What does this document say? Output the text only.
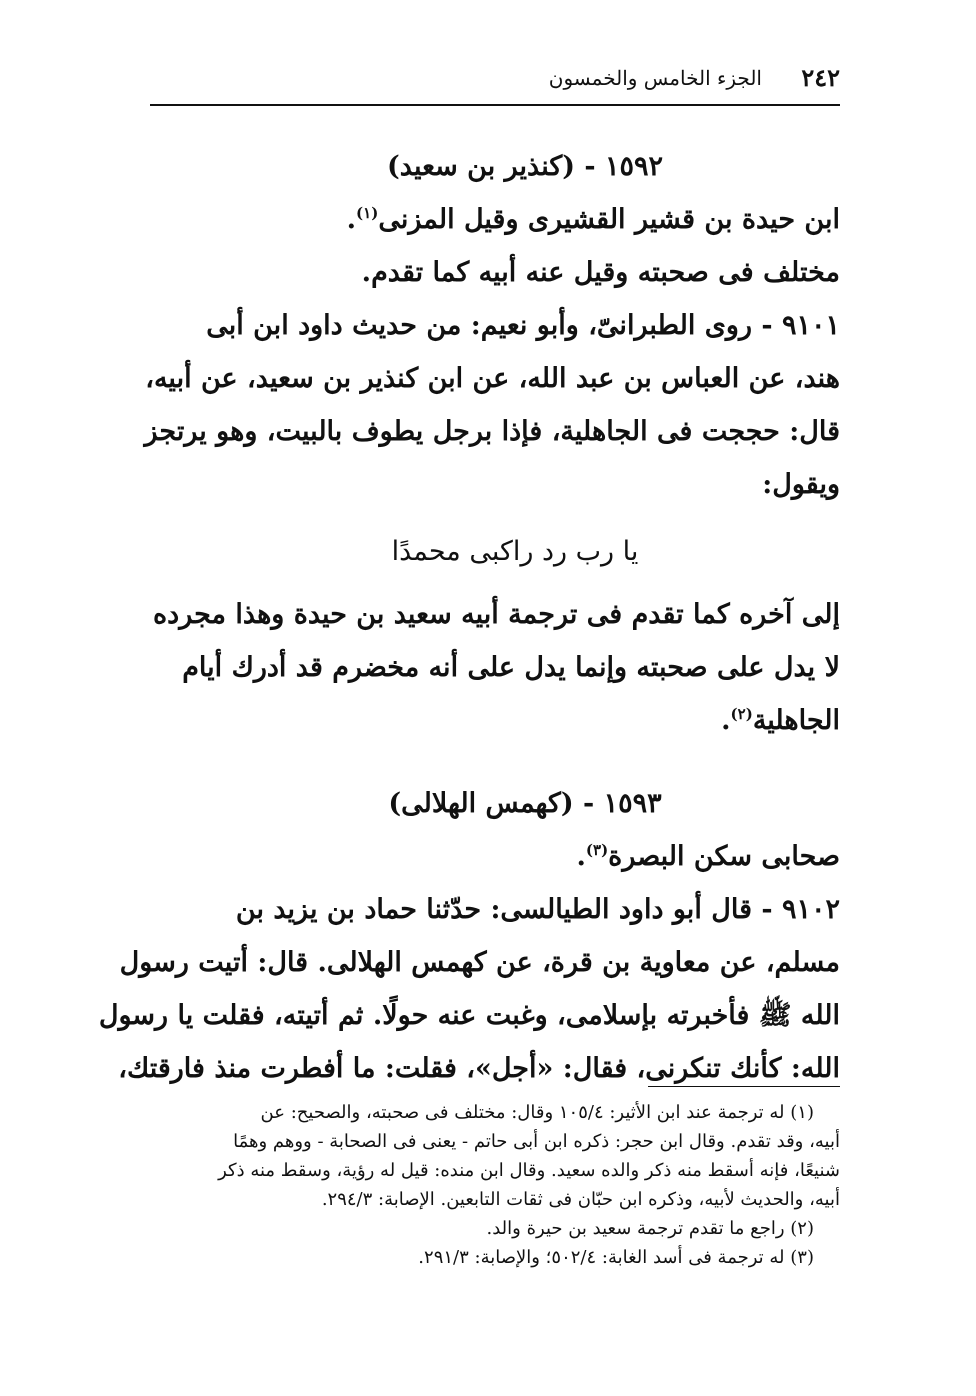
٢٤٢
الجزء الخامس والخمسون
١٥٩٢ - (كنذير بن سعيد)
ابن حيدة بن قشير القشيرى وقيل المزنى$^{(١)}$.
مختلف فى صحبته وقيل عنه أبيه كما تقدم.
٩١٠١ - روى الطبرانىّ، وأبو نعيم: من حديث داود ابن أبى
هند، عن العباس بن عبد الله، عن ابن كنذير بن سعيد، عن أبيه،
قال: حججت فى الجاهلية، فإذا برجل يطوف بالبيت، وهو يرتجز
ويقول:
يا رب رد راكبى محمدًا
إلى آخره كما تقدم فى ترجمة أبيه سعيد بن حيدة وهذا مجرده
لا يدل على صحبته وإنما يدل على أنه مخضرم قد أدرك أيام
الجاهلية$^{(٢)}$.
١٥٩٣ - (كهمس الهلالى)
صحابى سكن البصرة$^{(٣)}$.
٩١٠٢ - قال أبو داود الطيالسى: حدّثنا حماد بن يزيد بن
مسلم، عن معاوية بن قرة، عن كهمس الهلالى. قال: أتيت رسول
الله ﷺ فأخبرته بإسلامى، وغبت عنه حولًا. ثم أتيته، فقلت يا رسول
الله: كأنك تنكرنى، فقال: «أجل»، فقلت: ما أفطرت منذ فارقتك،
(١) له ترجمة عند ابن الأثير: ١٠٥/٤ وقال: مختلف فى صحبته، والصحيح: عن
أبيه، وقد تقدم. وقال ابن حجر: ذكره ابن أبى حاتم - يعنى فى الصحابة - ووهم وهمًا
شنيعًا، فإنه أسقط منه ذكر والده سعيد. وقال ابن منده: قيل له رؤية، وسقط منه ذكر
أبيه، والحديث لأبيه، وذكره ابن حبّان فى ثقات التابعين. الإصابة: ٢٩٤/٣.
(٢) راجع ما تقدم ترجمة سعيد بن حيرة والد.
(٣) له ترجمة فى أسد الغابة: ٥٠٢/٤؛ والإصابة: ٢٩١/٣.
